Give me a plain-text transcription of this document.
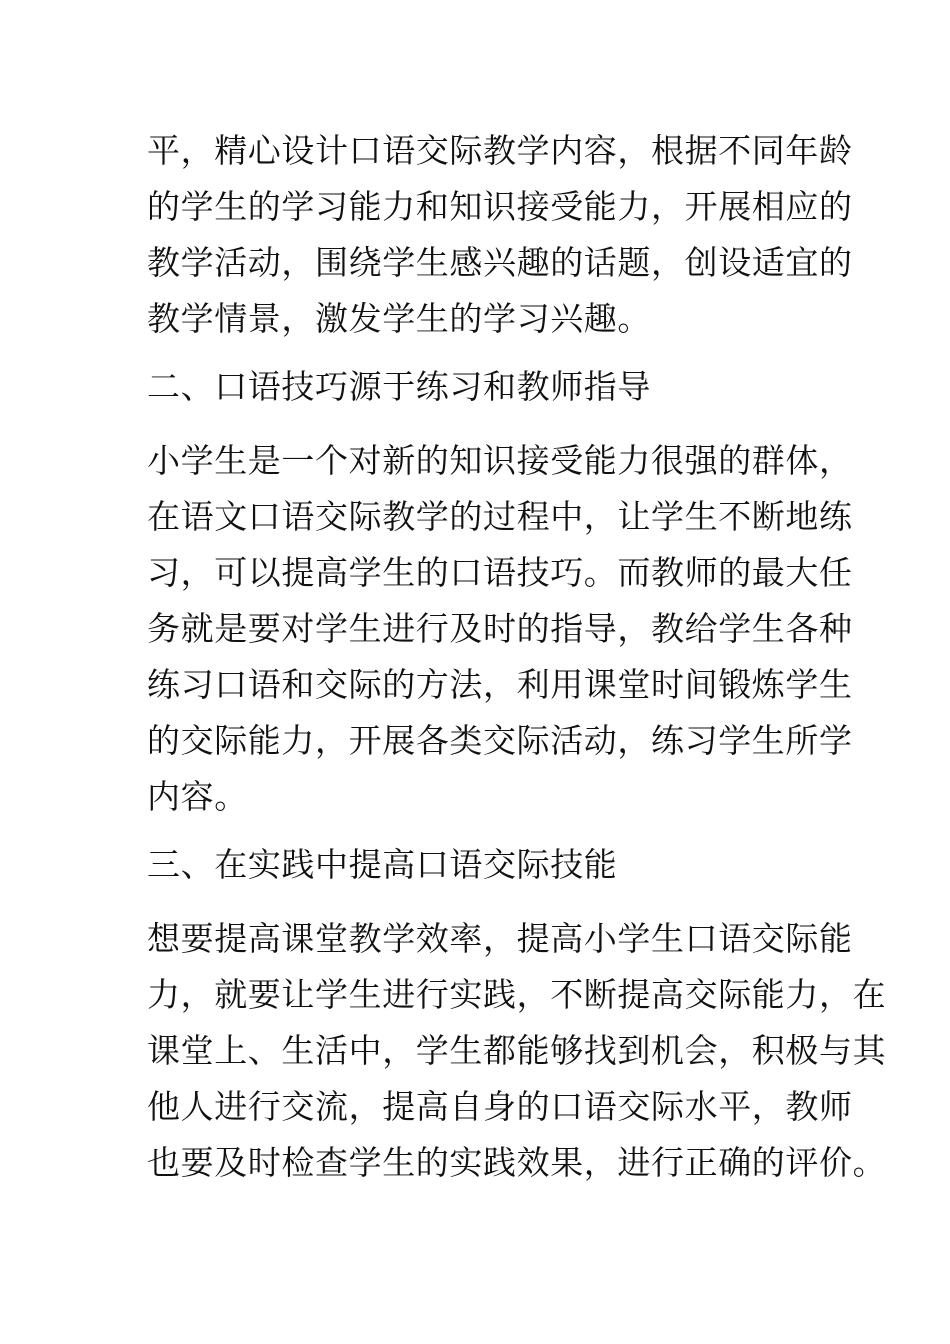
平，精心设计口语交际教学内容，根据不同年龄

的学生的学习能力和知识接受能力，开展相应的

教学活动，围绕学生感兴趣的话题，创设适宜的

教学情景，激发学生的学习兴趣。

二、口语技巧源于练习和教师指导

小学生是一个对新的知识接受能力很强的群体，

在语文口语交际教学的过程中，让学生不断地练

习，可以提高学生的口语技巧。而教师的最大任

务就是要对学生进行及时的指导，教给学生各种

练习口语和交际的方法，利用课堂时间锻炼学生

的交际能力，开展各类交际活动，练习学生所学

内容。

三、在实践中提高口语交际技能

想要提高课堂教学效率，提高小学生口语交际能

力，就要让学生进行实践，不断提高交际能力，在

课堂上、生活中，学生都能够找到机会，积极与其

他人进行交流，提高自身的口语交际水平，教师

也要及时检查学生的实践效果，进行正确的评价。
